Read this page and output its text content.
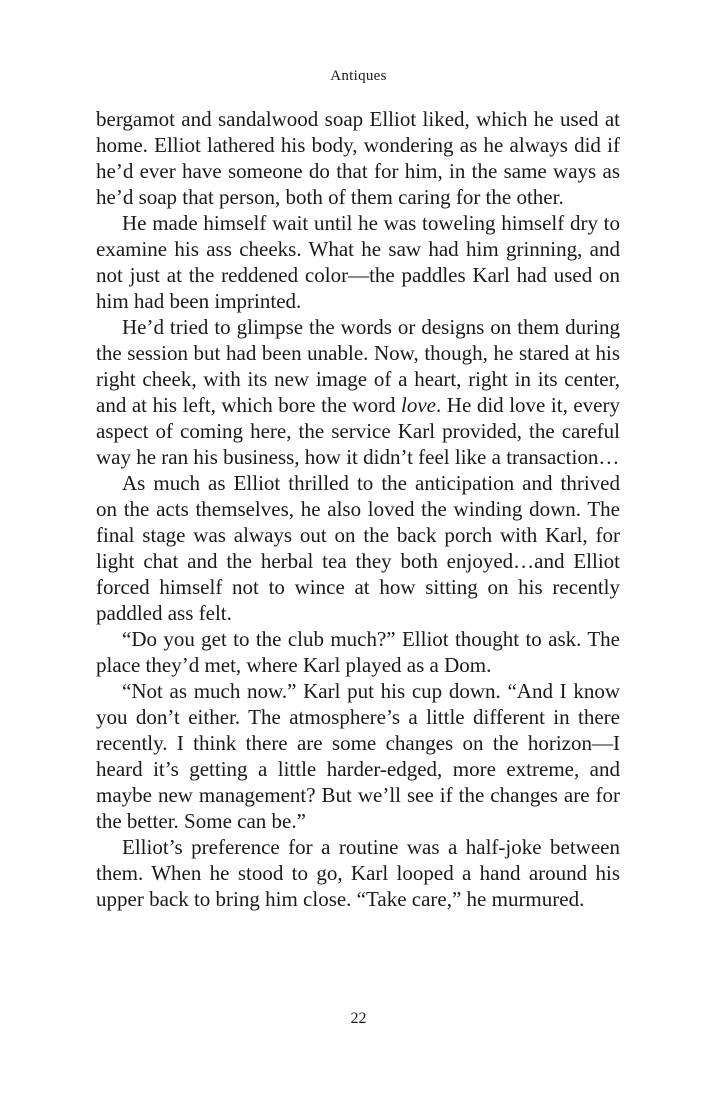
Antiques

bergamot and sandalwood soap Elliot liked, which he used at home. Elliot lathered his body, wondering as he always did if he’d ever have someone do that for him, in the same ways as he’d soap that person, both of them caring for the other.

He made himself wait until he was toweling himself dry to examine his ass cheeks. What he saw had him grinning, and not just at the reddened color—the paddles Karl had used on him had been imprinted.

He’d tried to glimpse the words or designs on them during the session but had been unable. Now, though, he stared at his right cheek, with its new image of a heart, right in its center, and at his left, which bore the word love. He did love it, every aspect of coming here, the service Karl provided, the careful way he ran his business, how it didn’t feel like a transaction…

As much as Elliot thrilled to the anticipation and thrived on the acts themselves, he also loved the winding down. The final stage was always out on the back porch with Karl, for light chat and the herbal tea they both enjoyed…and Elliot forced himself not to wince at how sitting on his recently paddled ass felt.

“Do you get to the club much?” Elliot thought to ask. The place they’d met, where Karl played as a Dom.

“Not as much now.” Karl put his cup down. “And I know you don’t either. The atmosphere’s a little different in there recently. I think there are some changes on the horizon—I heard it’s getting a little harder-edged, more extreme, and maybe new management? But we’ll see if the changes are for the better. Some can be.”

Elliot’s preference for a routine was a half-joke between them. When he stood to go, Karl looped a hand around his upper back to bring him close. “Take care,” he murmured.

22
